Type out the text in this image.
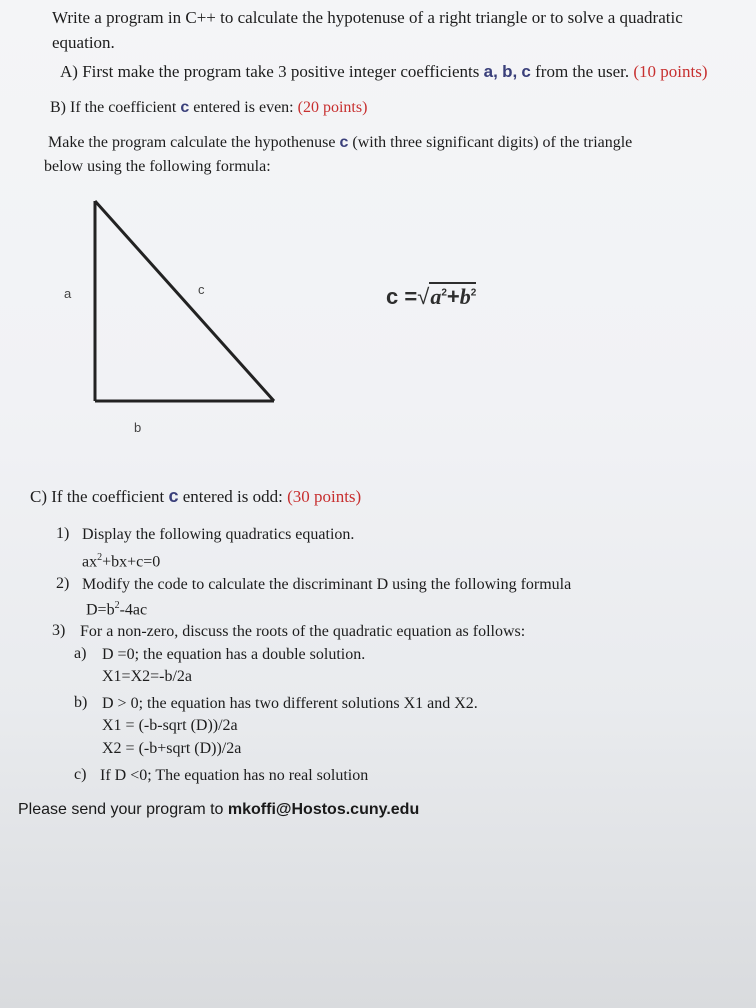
Write a program in C++ to calculate the hypotenuse of a right triangle or to solve a quadratic
equation.
A) First make the program take 3 positive integer coefficients a, b, c from the user. (10 points)
B) If the coefficient c entered is even: (20 points)
Make the program calculate the hypothenuse c (with three significant digits) of the triangle
below using the following formula:
a	c
b
$c =√a^2+b^2$
C) If the coefficient c entered is odd: (30 points)
1) Display the following quadratics equation.
$ax^2+bx+c=0$
2) Modify the code to calculate the discriminant D using the following formula
$D=b^2-4ac$
3) For a non-zero, discuss the roots of the quadratic equation as follows:
a) D =0; the equation has a double solution.
X1=X2=-b/2a
b) D > 0; the equation has two different solutions X1 and X2.
X1 = (-b-sqrt (D))/2a
X2 = (-b+sqrt (D))/2a
c) If D <0; The equation has no real solution
Please send your program to mkoffi@Hostos.cuny.edu
